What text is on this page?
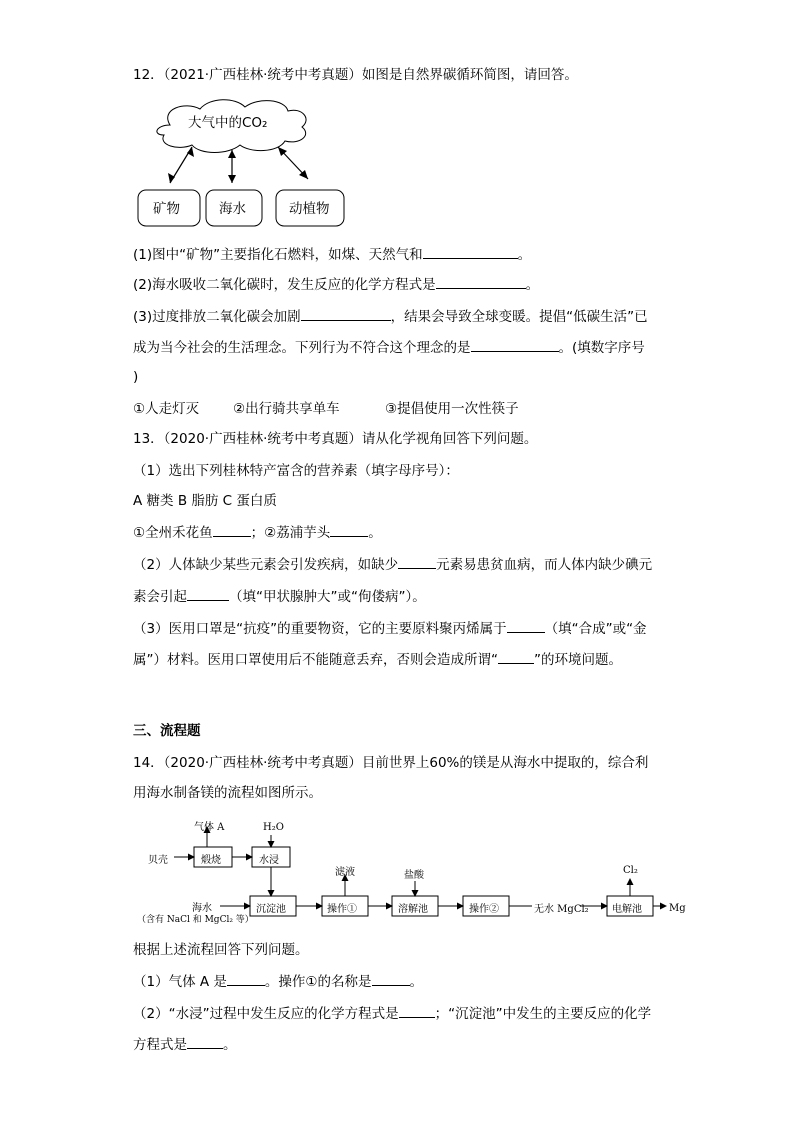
12．（2021·广西桂林·统考中考真题）如图是自然界碳循环简图，请回答。
大气中的CO₂
矿物	海水	动植物
(1)图中“矿物”主要指化石燃料，如煤、天然气和	。
(2)海水吸收二氧化碳时，发生反应的化学方程式是	。
(3)过度排放二氧化碳会加剧	，结果会导致全球变暖。提倡“低碳生活”已
成为当今社会的生活理念。下列行为不符合这个理念的是	。(填数字序号
)
①人走灯灭	②出行骑共享单车	③提倡使用一次性筷子
13．（2020·广西桂林·统考中考真题）请从化学视角回答下列问题。
（1）选出下列桂林特产富含的营养素（填字母序号）：
A 糖类 B 脂肪 C 蛋白质
①全州禾花鱼	；②荔浦芋头	。
（2）人体缺少某些元素会引发疾病，如缺少	元素易患贫血病，而人体内缺少碘元
素会引起	（填“甲状腺肿大”或“佝偻病”）。
（3）医用口罩是“抗疫”的重要物资，它的主要原料聚丙烯属于	（填“合成”或“金
属”）材料。医用口罩使用后不能随意丢弃，否则会造成所谓“	”的环境问题。
三、流程题
14．（2020·广西桂林·统考中考真题）目前世界上60%的镁是从海水中提取的，综合利
用海水制备镁的流程如图所示。
气体 A	H₂O
贝壳	煅烧	水浸
海水
（含有 NaCl 和 MgCl₂ 等）
沉淀池
滤液
操作①
盐酸
溶解池	操作②	无水 MgCl₂ 电解池
Cl₂
Mg
根据上述流程回答下列问题。
（1）气体 A 是	。操作①的名称是	。
（2）“水浸”过程中发生反应的化学方程式是	；“沉淀池”中发生的主要反应的化学
方程式是	。
